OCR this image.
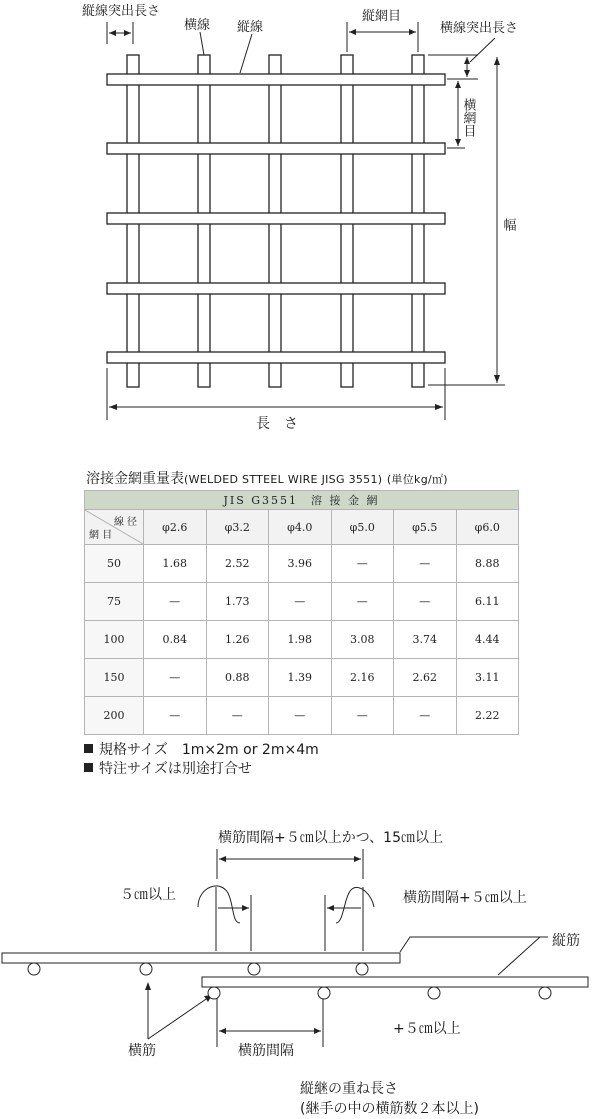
縦線突出長さ
横線 縦線
縦網目
横線突出長さ
横網目
幅
長　さ
溶接金網重量表(WELDED STTEEL WIRE JISG 3551) (単位kg/㎡)
JIS G3551　溶 接 金 網						

線 径
網 目	φ2.6	φ3.2	φ4.0	φ5.0	φ5.5	φ6.0
50	1.68	2.52	3.96	—	—	8.88
75	—	1.73	—	—	—	6.11
100	0.84	1.26	1.98	3.08	3.74	4.44
150	—	0.88	1.39	2.16	2.62	3.11
200	—	—	—	—	—	2.22
規格サイズ　1m×2m or 2m×4m
特注サイズは別途打合せ
横筋間隔+５㎝以上かつ、15㎝以上
５㎝以上	横筋間隔+５㎝以上
縦筋
+５㎝以上
横筋	横筋間隔
縦継の重ね長さ
(継手の中の横筋数２本以上)
